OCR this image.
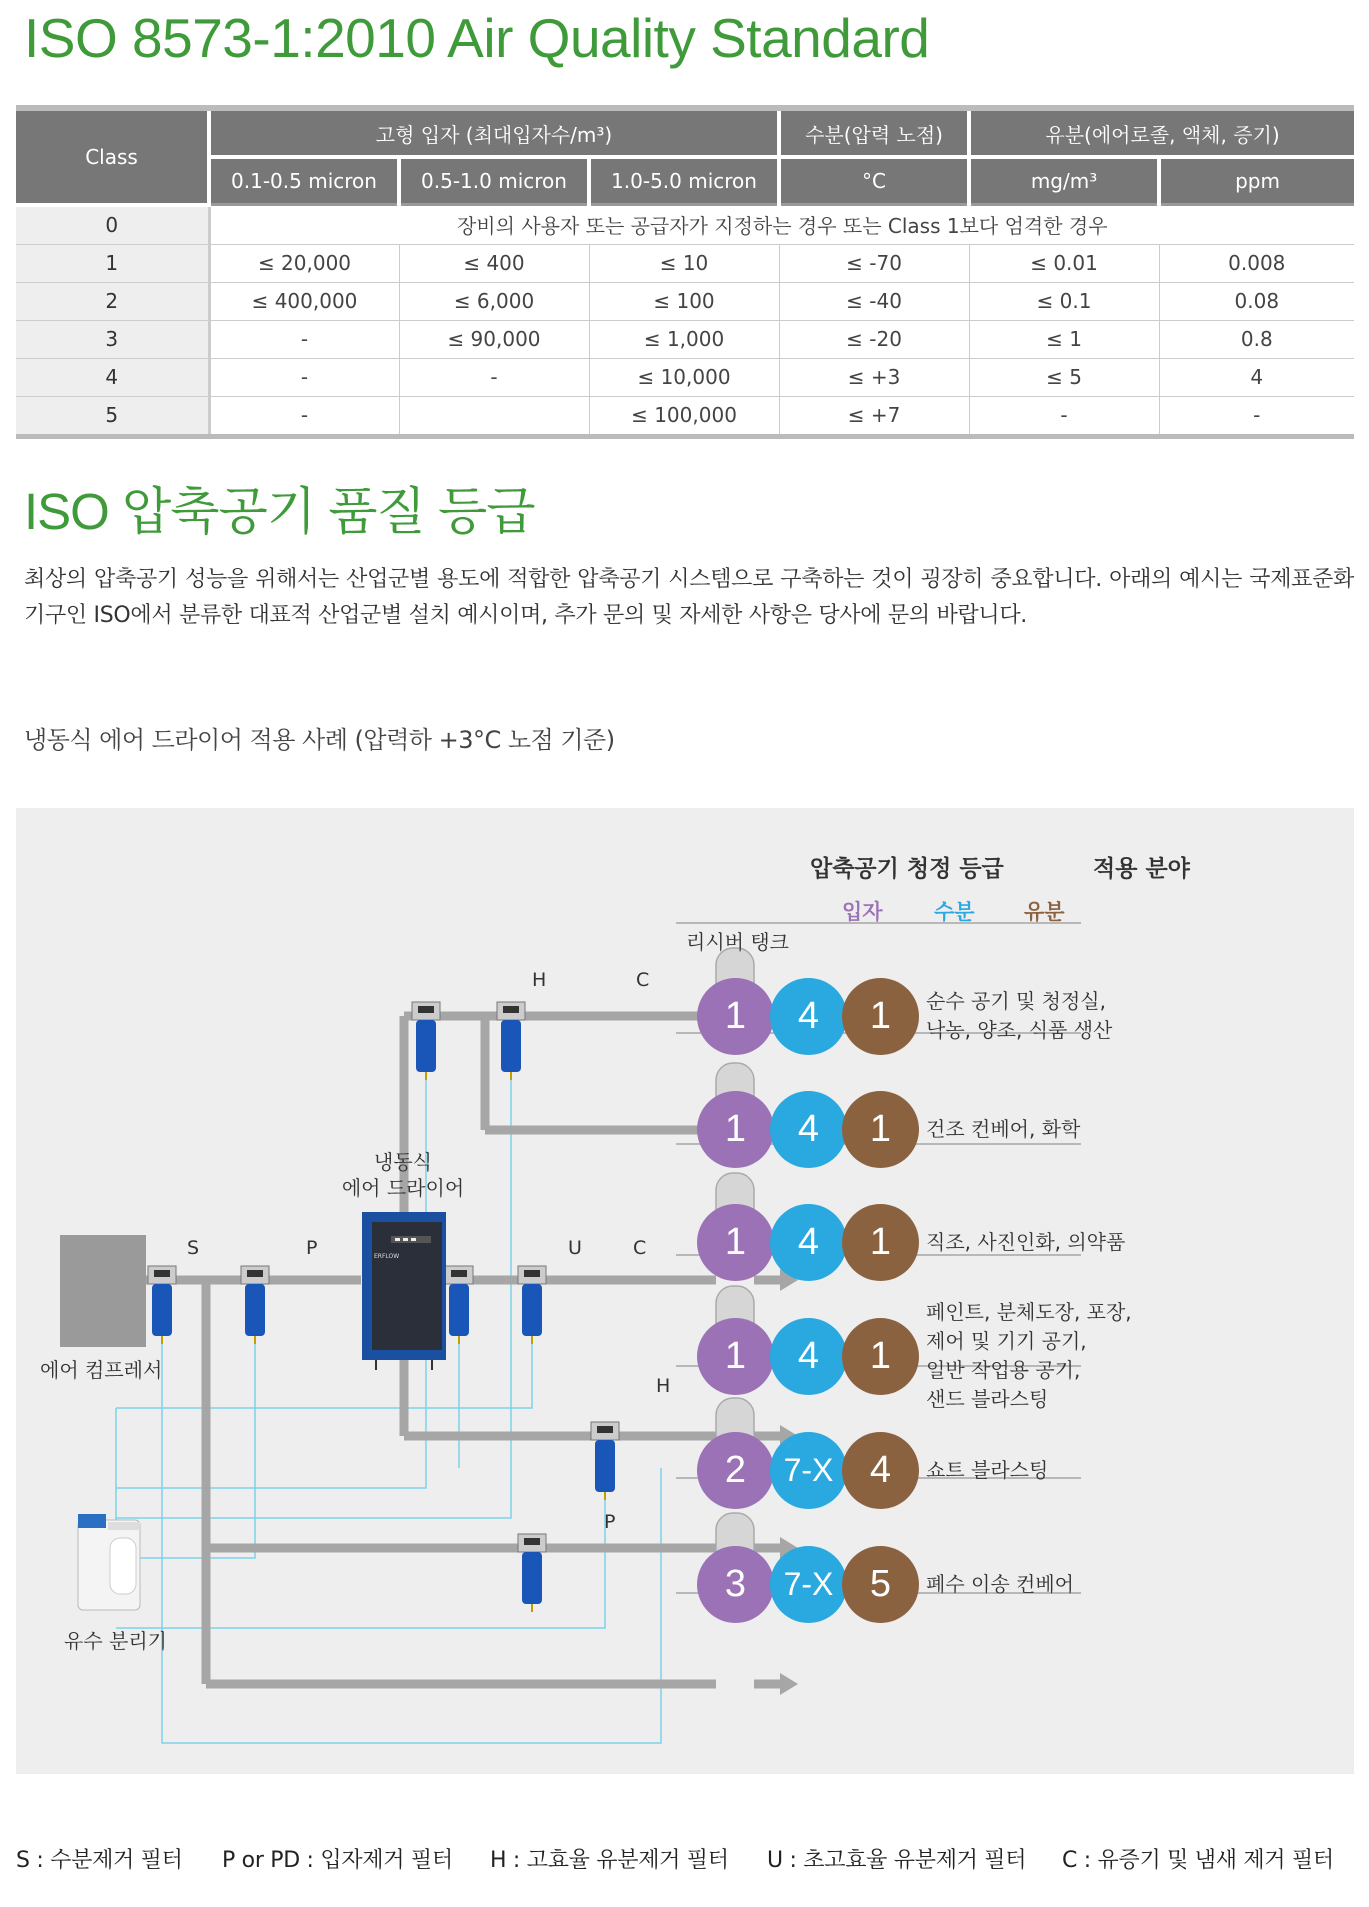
ISO 8573-1:2010 Air Quality Standard
Class	고형 입자 (최대입자수/m³)			수분(압력 노점)	유분(에어로졸, 액체, 증기)	
	0.1-0.5 micron	0.5-1.0 micron	1.0-5.0 micron	°C	mg/m³	ppm
0	장비의 사용자 또는 공급자가 지정하는 경우 또는 Class 1보다 엄격한 경우					
1	≤ 20,000	≤ 400	≤ 10	≤ -70	≤ 0.01	0.008
2	≤ 400,000	≤ 6,000	≤ 100	≤ -40	≤ 0.1	0.08
3	-	≤ 90,000	≤ 1,000	≤ -20	≤ 1	0.8
4	-	-	≤ 10,000	≤ +3	≤ 5	4
5	-		≤ 100,000	≤ +7	-	-
ISO 압축공기 품질 등급
최상의 압축공기 성능을 위해서는 산업군별 용도에 적합한 압축공기 시스템으로 구축하는 것이 굉장히 중요합니다. 아래의 예시는 국제표준화기구인 ISO에서 분류한 대표적 산업군별 설치 예시이며, 추가 문의 및 자세한 사항은 당사에 문의 바랍니다.
냉동식 에어 드라이어 적용 사례 (압력하 +3°C 노점 기준)
ERFLOW
에어 컴프레서
냉동식
에어 드라이어
유수 분리기
리시버 탱크
S	P	U	C
H	C
H
P
압축공기 청정 등급	적용 분야
입자 수분 유분
1	4	1	순수 공기 및 청정실,
낙농, 양조, 식품 생산
1	4	1	건조 컨베어, 화학
1	4	1	직조, 사진인화, 의약품
1	4	1
페인트, 분체도장, 포장,
제어 및 기기 공기,
일반 작업용 공기,
샌드 블라스팅
2	7-X 4	쇼트 블라스팅
3	7-X 5	폐수 이송 컨베어
S : 수분제거 필터 P or PD : 입자제거 필터 H : 고효율 유분제거 필터 U : 초고효율 유분제거 필터 C : 유증기 및 냄새 제거 필터
